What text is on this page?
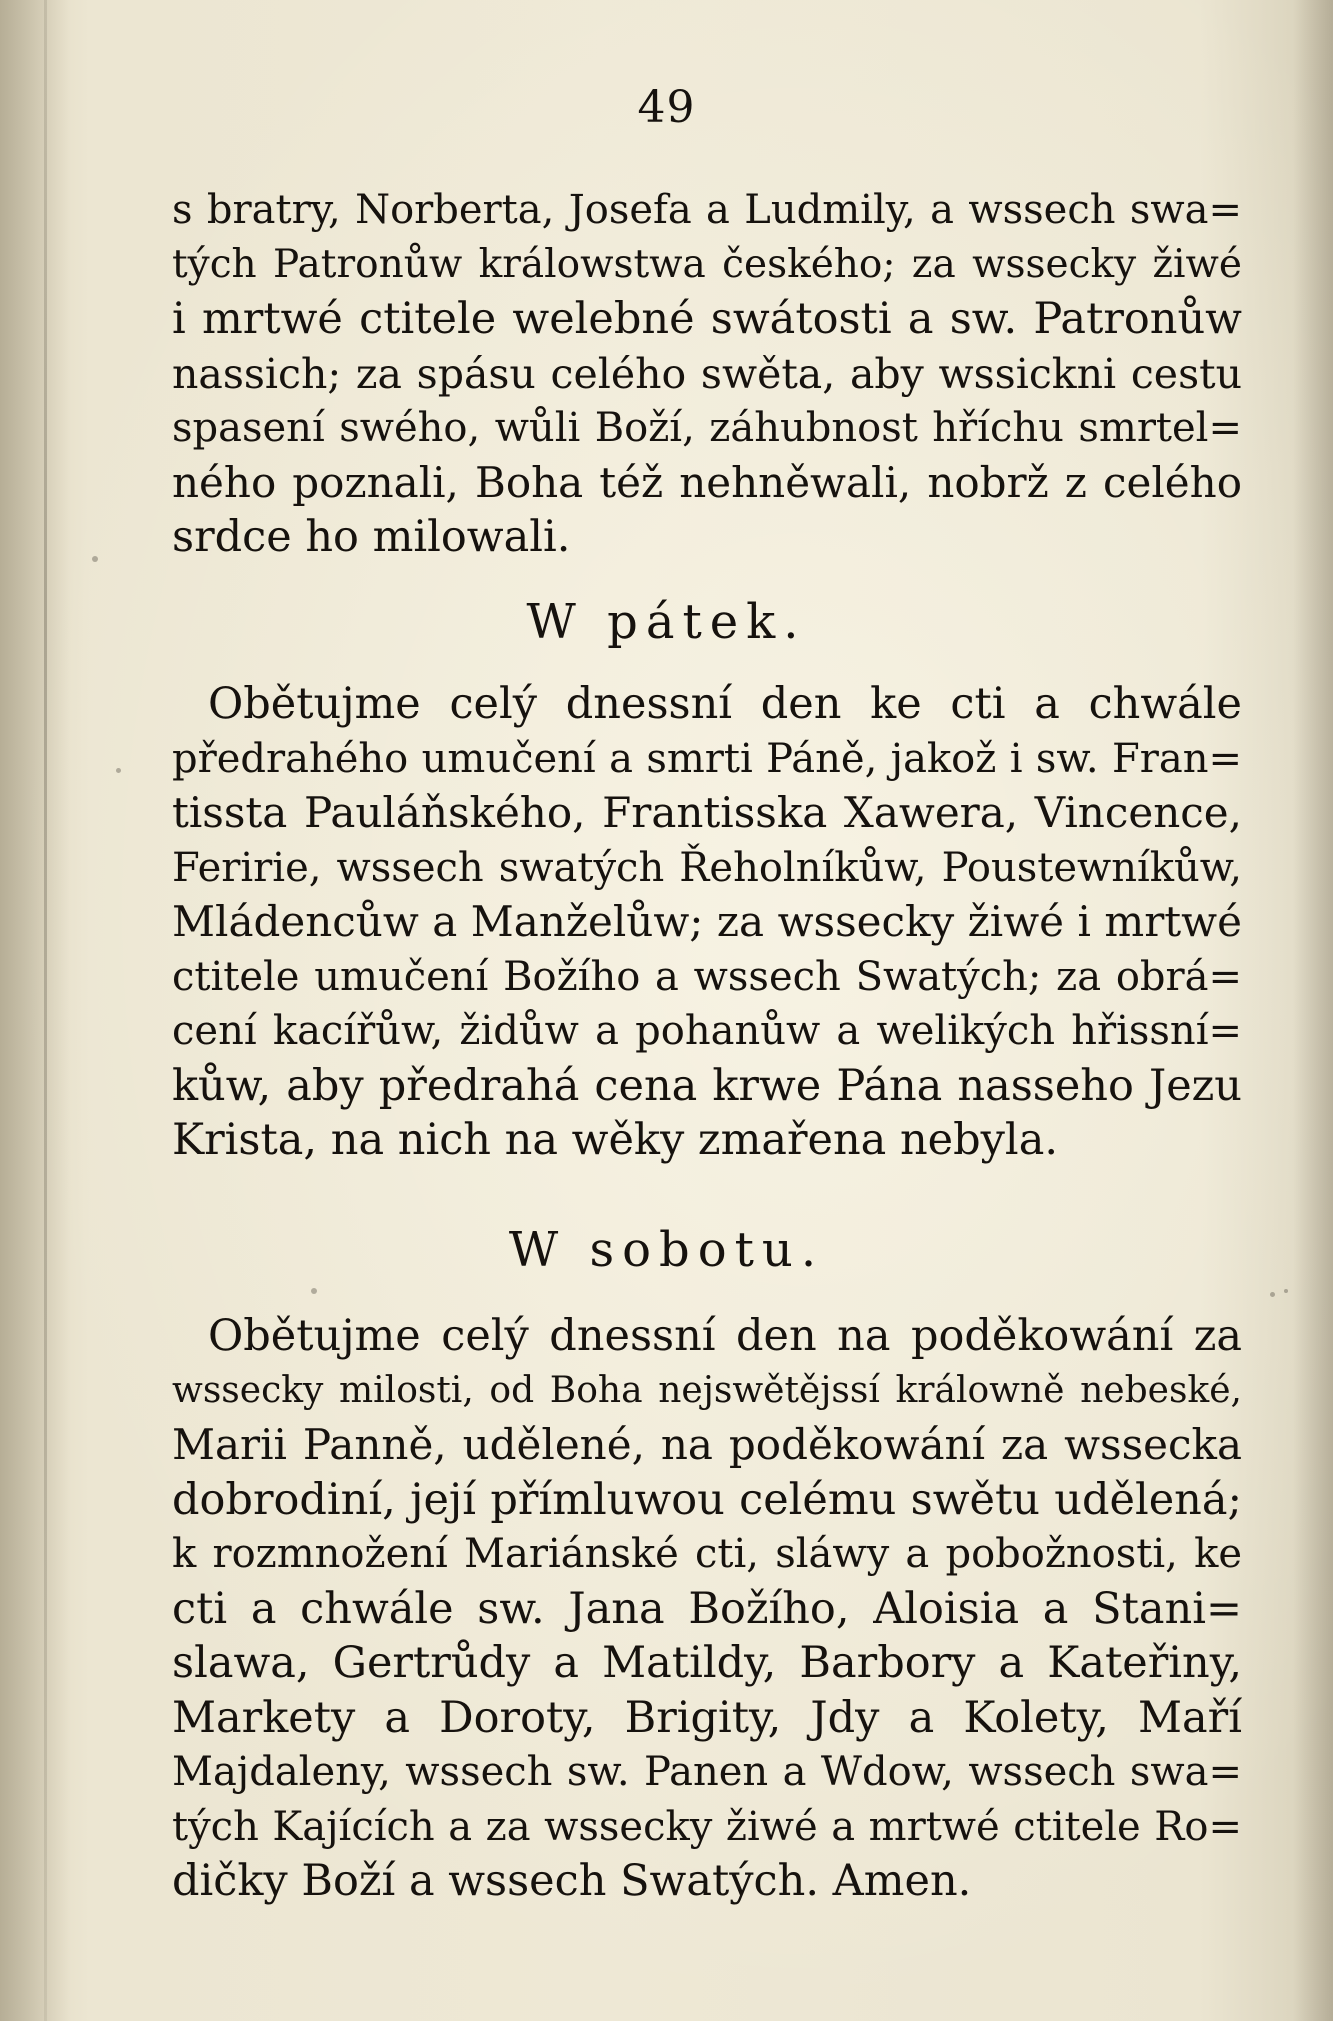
49
s bratry, Norberta, Josefa a Ludmily, a wssech swa=
tých Patronůw králowstwa českého; za wssecky žiwé
i mrtwé ctitele welebné swátosti a sw. Patronůw
nassich; za spásu celého swěta, aby wssickni cestu
spasení swého, wůli Boží, záhubnost hříchu smrtel=
ného poznali, Boha též nehněwali, nobrž z celého
srdce ho milowali.
W pátek.
Obětujme celý dnessní den ke cti a chwále
předrahého umučení a smrti Páně, jakož i sw. Fran=
tissta Pauláňského, Frantisska Xawera, Vincence,
Feririe, wssech swatých Řeholníkůw, Poustewníkůw,
Mládencůw a Manželůw; za wssecky žiwé i mrtwé
ctitele umučení Božího a wssech Swatých; za obrá=
cení kacířůw, židůw a pohanůw a welikých hřissní=
kůw, aby předrahá cena krwe Pána nasseho Jezu
Krista, na nich na wěky zmařena nebyla.
W sobotu.
Obětujme celý dnessní den na poděkowání za
wssecky milosti, od Boha nejswětějssí králowně nebeské,
Marii Panně, udělené, na poděkowání za wssecka
dobrodiní, její přímluwou celému swětu udělená;
k rozmnožení Mariánské cti, sláwy a pobožnosti, ke
cti a chwále sw. Jana Božího, Aloisia a Stani=
slawa, Gertrůdy a Matildy, Barbory a Kateřiny,
Markety a Doroty, Brigity, Jdy a Kolety, Maří
Majdaleny, wssech sw. Panen a Wdow, wssech swa=
tých Kajících a za wssecky žiwé a mrtwé ctitele Ro=
dičky Boží a wssech Swatých. Amen.
